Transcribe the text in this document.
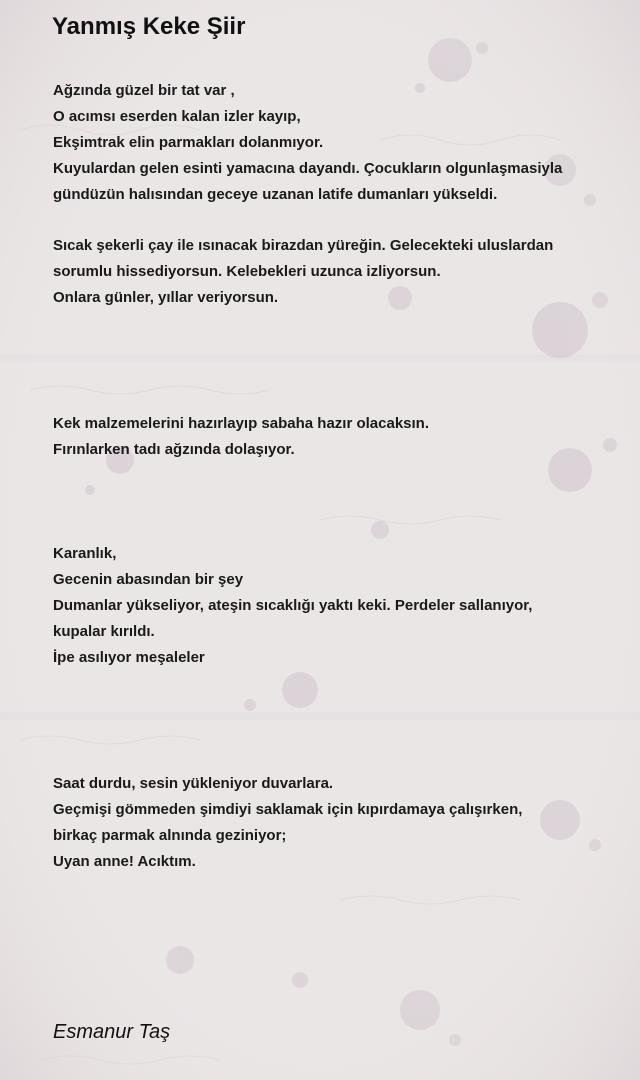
Yanmış Keke Şiir

Ağzında güzel bir tat var ,
O acımsı eserden kalan izler kayıp,
Ekşimtrak elin parmakları dolanmıyor.
Kuyulardan gelen esinti yamacına dayandı. Çocukların olgunlaşmasiyla
gündüzün halısından geceye uzanan latife dumanları yükseldi.

Sıcak şekerli çay ile ısınacak birazdan yüreğin. Gelecekteki uluslardan
sorumlu hissediyorsun. Kelebekleri uzunca izliyorsun.
Onlara günler, yıllar veriyorsun.

Kek malzemelerini hazırlayıp sabaha hazır olacaksın.
Fırınlarken tadı ağzında dolaşıyor.

Karanlık,
Gecenin abasından bir şey
Dumanlar yükseliyor, ateşin sıcaklığı yaktı keki. Perdeler sallanıyor,
kupalar kırıldı.
İpe asılıyor meşaleler

Saat durdu, sesin yükleniyor duvarlara.
Geçmişi gömmeden şimdiyi saklamak için kıpırdamaya çalışırken,
birkaç parmak alnında geziniyor;
Uyan anne! Acıktım.

Esmanur Taş
